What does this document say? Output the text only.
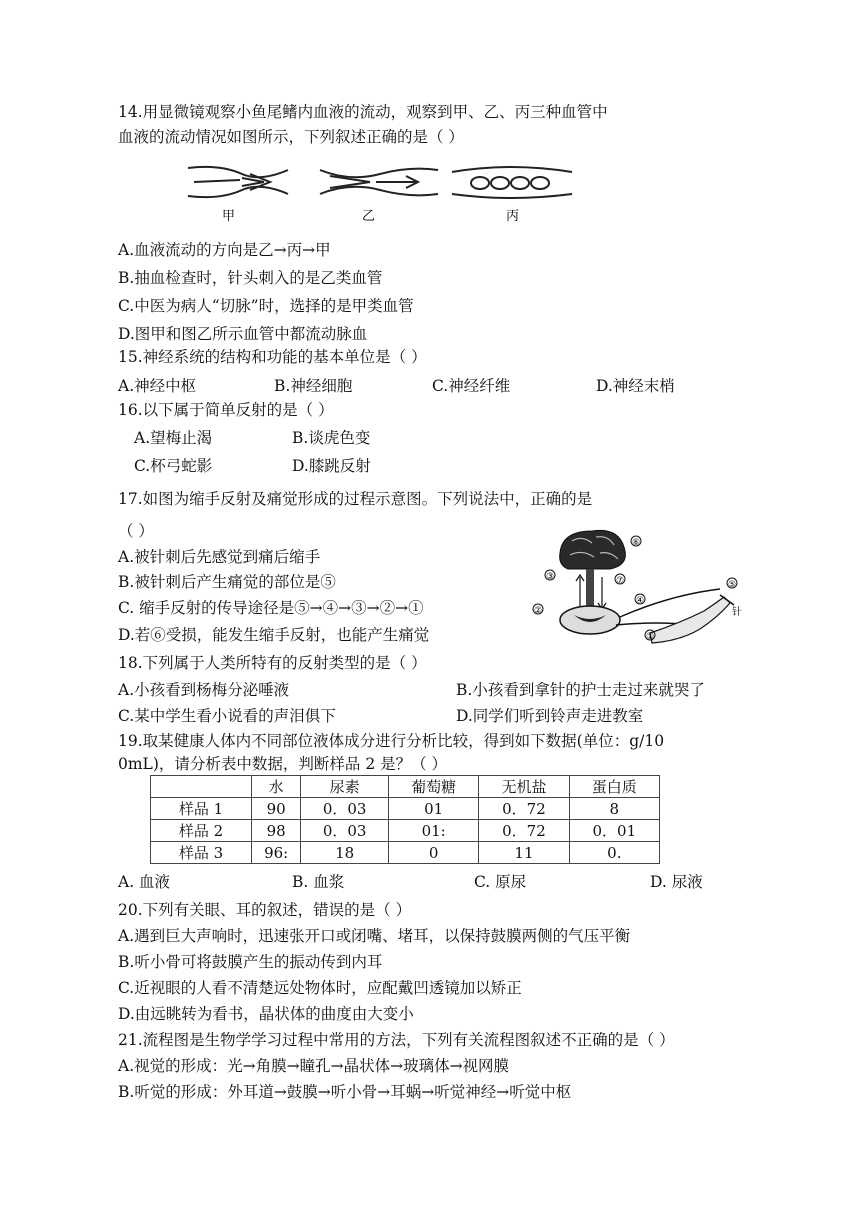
14.用显微镜观察小鱼尾鳍内血液的流动，观察到甲、乙、丙三种血管中
血液的流动情况如图所示，下列叙述正确的是（ ）
甲	乙	丙
A.血液流动的方向是乙→丙→甲
B.抽血检查时，针头刺入的是乙类血管
C.中医为病人“切脉”时，选择的是甲类血管
D.图甲和图乙所示血管中都流动脉血
15.神经系统的结构和功能的基本单位是（ ）
A.神经中枢	B.神经细胞	C.神经纤维	D.神经末梢
16.以下属于简单反射的是（ ）
A.望梅止渴	B.谈虎色变
C.杯弓蛇影	D.膝跳反射
17.如图为缩手反射及痛觉形成的过程示意图。下列说法中，正确的是
（ ）
A.被针刺后先感觉到痛后缩手
B.被针刺后产生痛觉的部位是⑤
C. 缩手反射的传导途径是⑤→④→③→②→①
D.若⑥受损，能发生缩手反射，也能产生痛觉
⑥
⑦	⑤
④
③
②
①
针
18.下列属于人类所特有的反射类型的是（ ）
A.小孩看到杨梅分泌唾液	B.小孩看到拿针的护士走过来就哭了
C.某中学生看小说看的声泪俱下	D.同学们听到铃声走进教室
19.取某健康人体内不同部位液体成分进行分析比较，得到如下数据(单位：g/10
0mL)，请分析表中数据，判断样品 2 是？（ ）
	水	尿素	葡萄糖	无机盐	蛋白质
样品 1	90	0．03	01	0．72	8
样品 2	98	0．03	01:	0．72	0．01
样品 3	96:	18	0	11	0.
A. 血液	B. 血浆	C. 原尿	D. 尿液
20.下列有关眼、耳的叙述，错误的是（ ）
A.遇到巨大声响时，迅速张开口或闭嘴、堵耳，以保持鼓膜两侧的气压平衡
B.听小骨可将鼓膜产生的振动传到内耳
C.近视眼的人看不清楚远处物体时，应配戴凹透镜加以矫正
D.由远眺转为看书，晶状体的曲度由大变小
21.流程图是生物学学习过程中常用的方法，下列有关流程图叙述不正确的是（ ）
A.视觉的形成：光→角膜→瞳孔→晶状体→玻璃体→视网膜
B.听觉的形成：外耳道→鼓膜→听小骨→耳蜗→听觉神经→听觉中枢
